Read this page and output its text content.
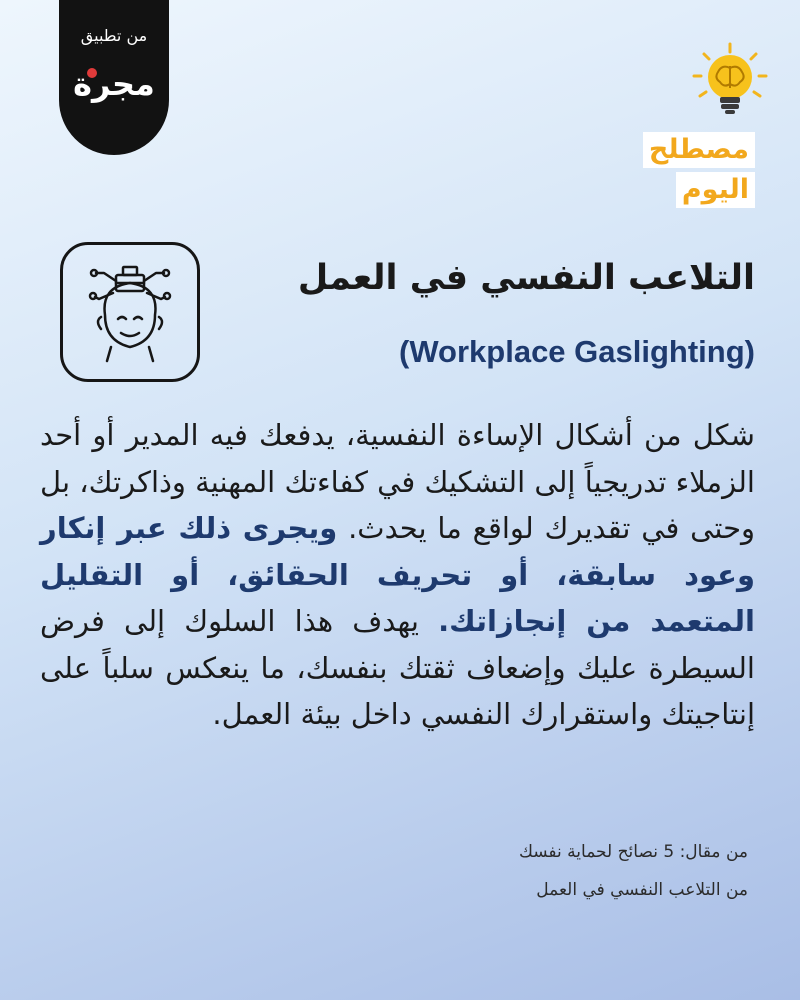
من تطبيق
مجرة
مصطلح
اليوم
التلاعب النفسي في العمل
(Workplace Gaslighting)
شكل من أشكال الإساءة النفسية، يدفعك فيه المدير أو أحد الزملاء تدريجياً إلى التشكيك في كفاءتك المهنية وذاكرتك، بل وحتى في تقديرك لواقع ما يحدث. ويجرى ذلك عبر إنكار وعود سابقة، أو تحريف الحقائق، أو التقليل المتعمد من إنجازاتك. يهدف هذا السلوك إلى فرض السيطرة عليك وإضعاف ثقتك بنفسك، ما ينعكس سلباً على إنتاجيتك واستقرارك النفسي داخل بيئة العمل.
من مقال: 5 نصائح لحماية نفسك
من التلاعب النفسي في العمل
